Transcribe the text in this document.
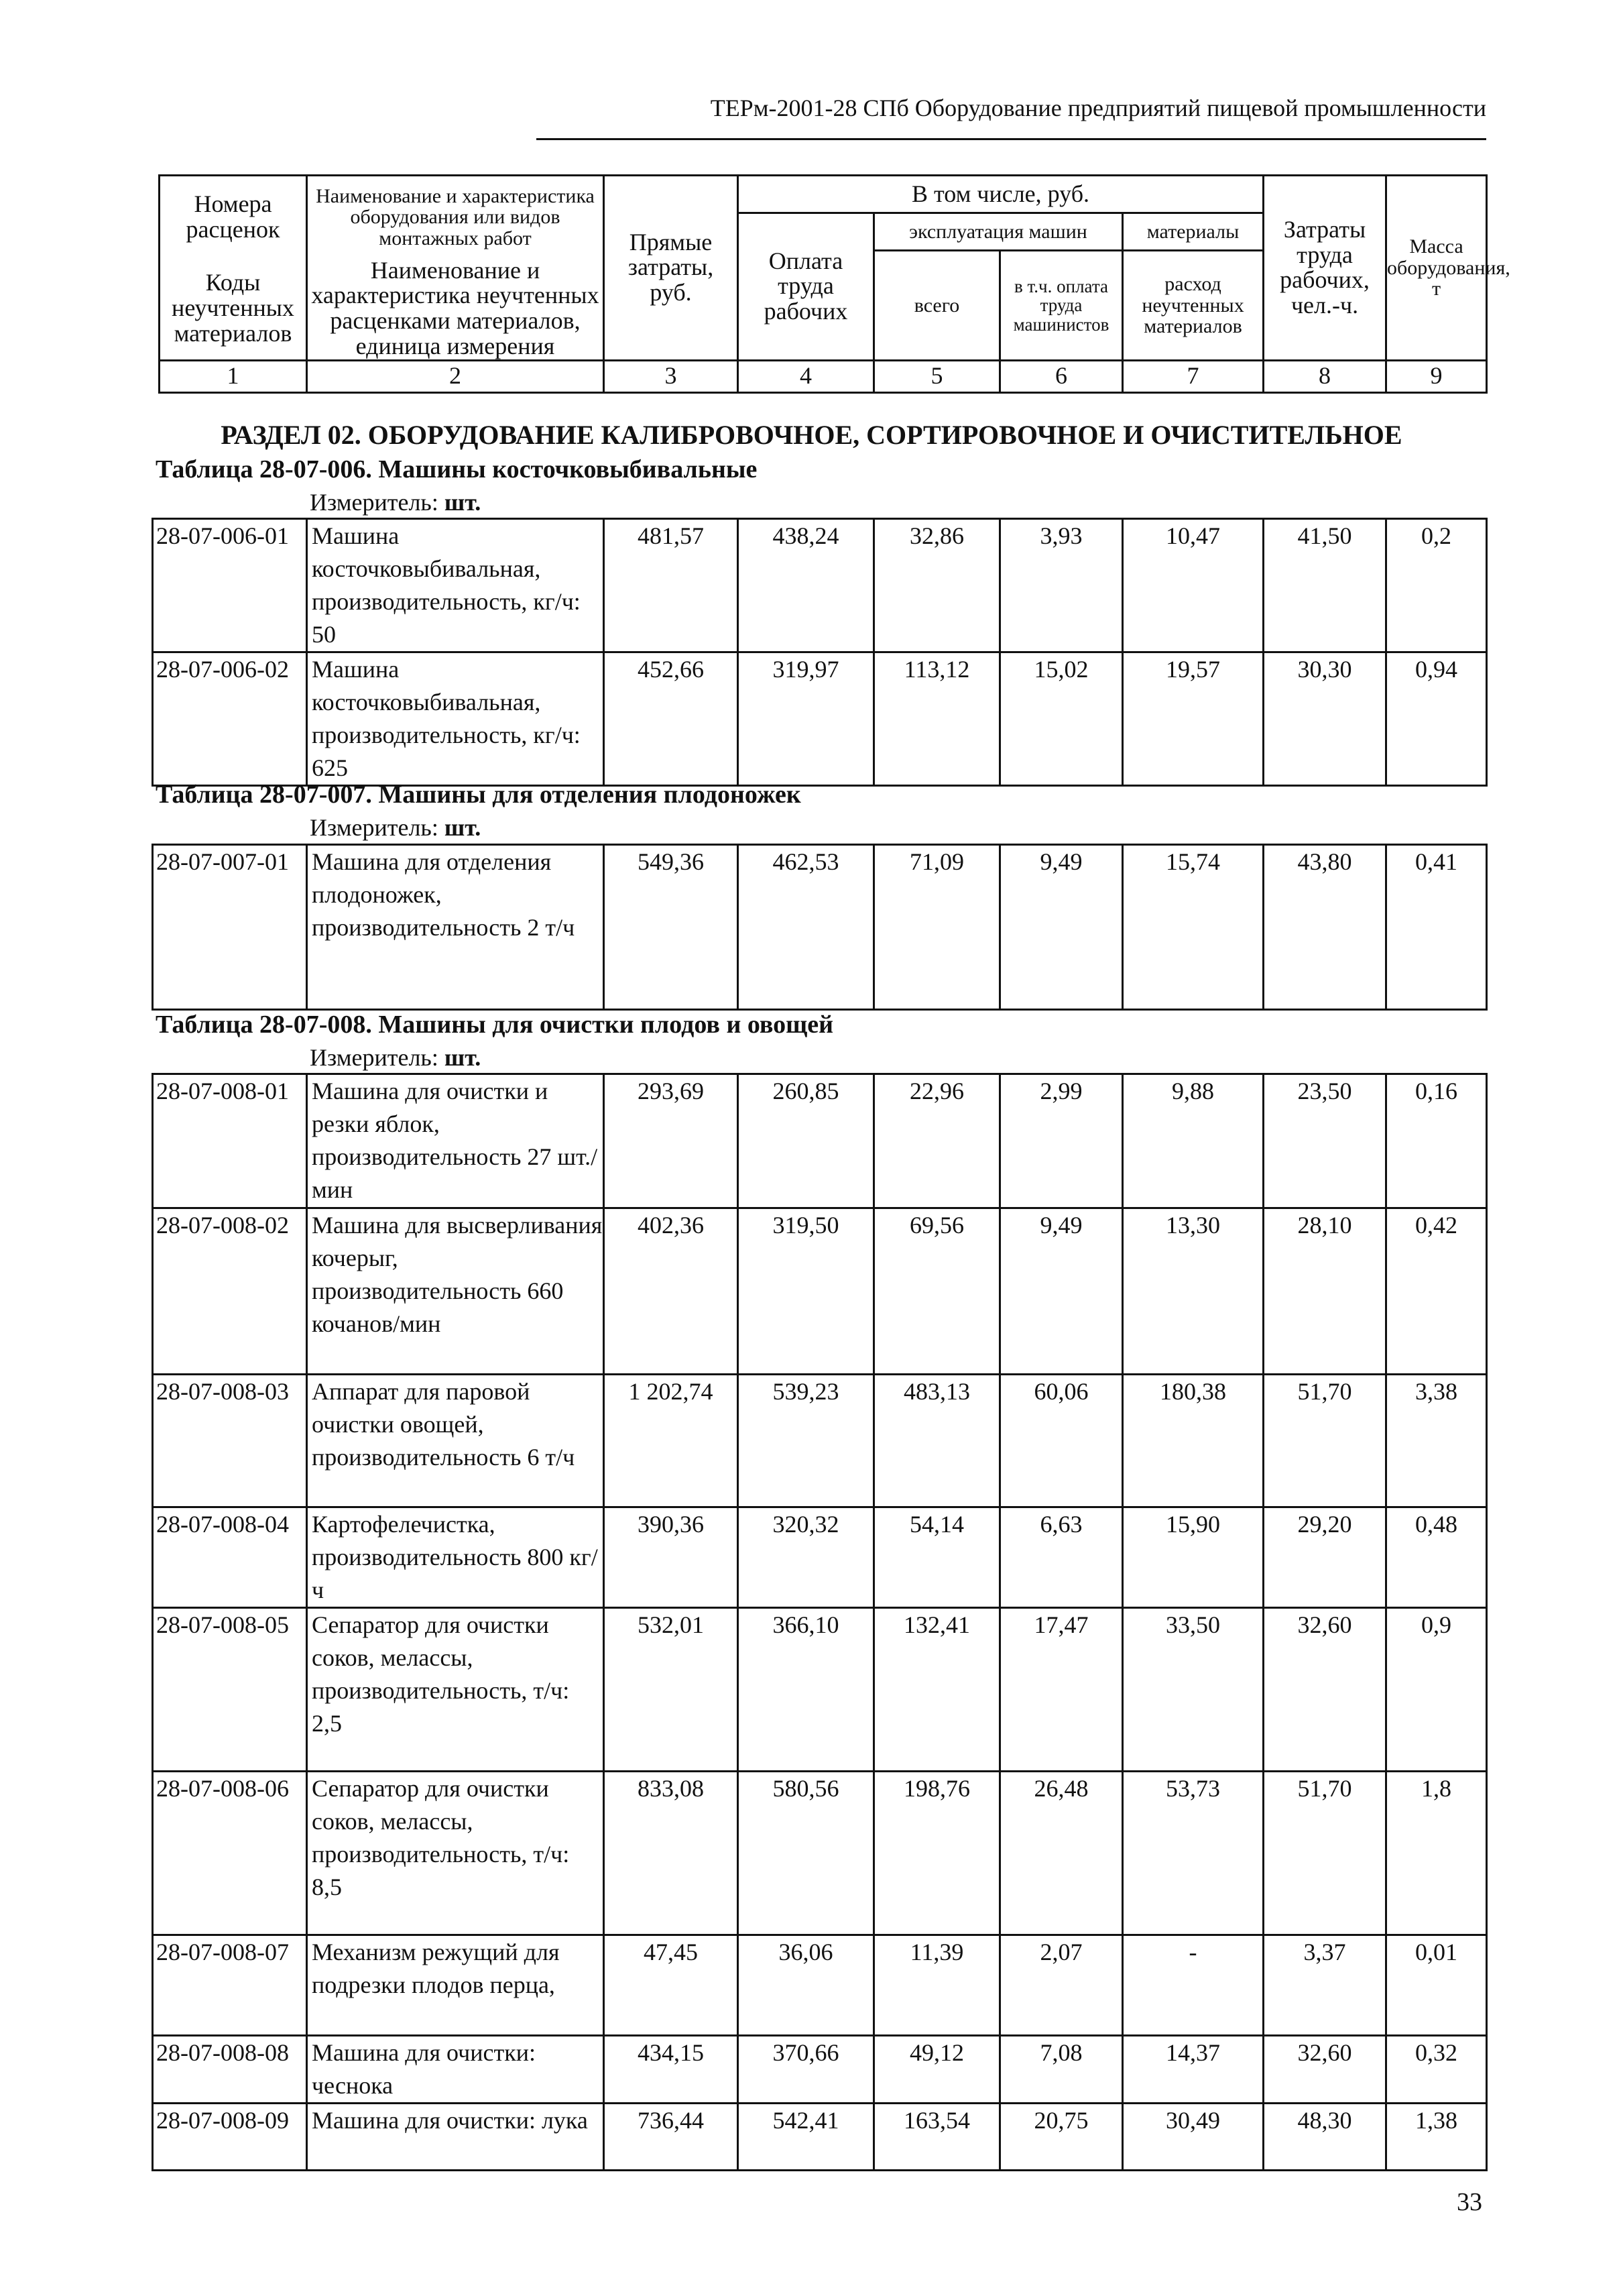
ТЕРм-2001-28 СПб Оборудование предприятий пищевой промышленности
Номера расценок	Наименование и характеристика оборудования или видов монтажных работ	Прямые затраты, руб.	В том числе, руб.				Затраты труда рабочих, чел.-ч.	Масса оборудования, т
			Оплата труда рабочих	эксплуатация машин		материалы		
				всего	в т.ч. оплата труда машинистов	расход неучтенных материалов		
Коды неучтенных материалов	Наименование и характеристика неучтенных расценками материалов, единица измерения							

1	2	3	4	5	6	7	8	9
РАЗДЕЛ 02. ОБОРУДОВАНИЕ КАЛИБРОВОЧНОЕ, СОРТИРОВОЧНОЕ И ОЧИСТИТЕЛЬНОЕ
Таблица 28-07-006. Машины косточковыбивальные
Измеритель: шт.
28-07-006-01	Машина косточковыбивальная, производительность, кг/ч: 50	481,57	438,24	32,86	3,93	10,47	41,50	0,2
28-07-006-02	Машина косточковыбивальная, производительность, кг/ч: 625	452,66	319,97	113,12	15,02	19,57	30,30	0,94
Таблица 28-07-007. Машины для отделения плодоножек
Измеритель: шт.
28-07-007-01	Машина для отделения плодоножек, производительность 2 т/ч	549,36	462,53	71,09	9,49	15,74	43,80	0,41
Таблица 28-07-008. Машины для очистки плодов и овощей
Измеритель: шт.
28-07-008-01	Машина для очистки и резки яблок, производительность 27 шт./мин	293,69	260,85	22,96	2,99	9,88	23,50	0,16
28-07-008-02	Машина для высверливания кочерыг, производительность 660 кочанов/мин	402,36	319,50	69,56	9,49	13,30	28,10	0,42
28-07-008-03	Аппарат для паровой очистки овощей, производительность 6 т/ч	1 202,74	539,23	483,13	60,06	180,38	51,70	3,38
28-07-008-04	Картофелечистка, производительность 800 кг/ч	390,36	320,32	54,14	6,63	15,90	29,20	0,48
28-07-008-05	Сепаратор для очистки соков, мелассы, производительность, т/ч: 2,5	532,01	366,10	132,41	17,47	33,50	32,60	0,9
28-07-008-06	Сепаратор для очистки соков, мелассы, производительность, т/ч: 8,5	833,08	580,56	198,76	26,48	53,73	51,70	1,8
28-07-008-07	Механизм режущий для подрезки плодов перца,	47,45	36,06	11,39	2,07	-	3,37	0,01
28-07-008-08	Машина для очистки: чеснока	434,15	370,66	49,12	7,08	14,37	32,60	0,32
28-07-008-09	Машина для очистки: лука	736,44	542,41	163,54	20,75	30,49	48,30	1,38
33
